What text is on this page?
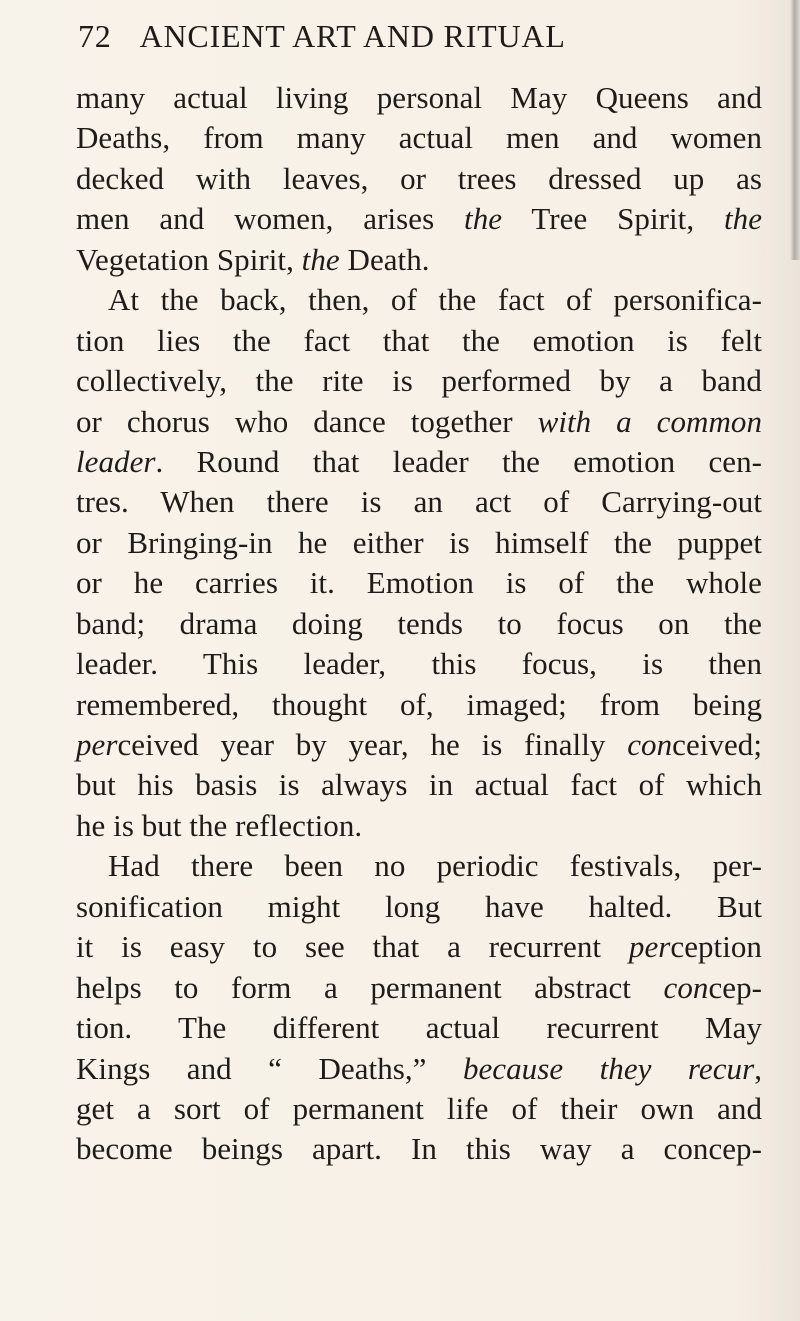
72 ANCIENT ART AND RITUAL
many actual living personal May Queens and
Deaths, from many actual men and women
decked with leaves, or trees dressed up as
men and women, arises the Tree Spirit, the
Vegetation Spirit, the Death.
At the back, then, of the fact of personifica-
tion lies the fact that the emotion is felt
collectively, the rite is performed by a band
or chorus who dance together with a common
leader. Round that leader the emotion cen-
tres. When there is an act of Carrying-out
or Bringing-in he either is himself the puppet
or he carries it. Emotion is of the whole
band; drama doing tends to focus on the
leader. This leader, this focus, is then
remembered, thought of, imaged; from being
perceived year by year, he is finally conceived;
but his basis is always in actual fact of which
he is but the reflection.
Had there been no periodic festivals, per-
sonification might long have halted. But
it is easy to see that a recurrent perception
helps to form a permanent abstract concep-
tion. The different actual recurrent May
Kings and “ Deaths,” because they recur,
get a sort of permanent life of their own and
become beings apart. In this way a concep-
